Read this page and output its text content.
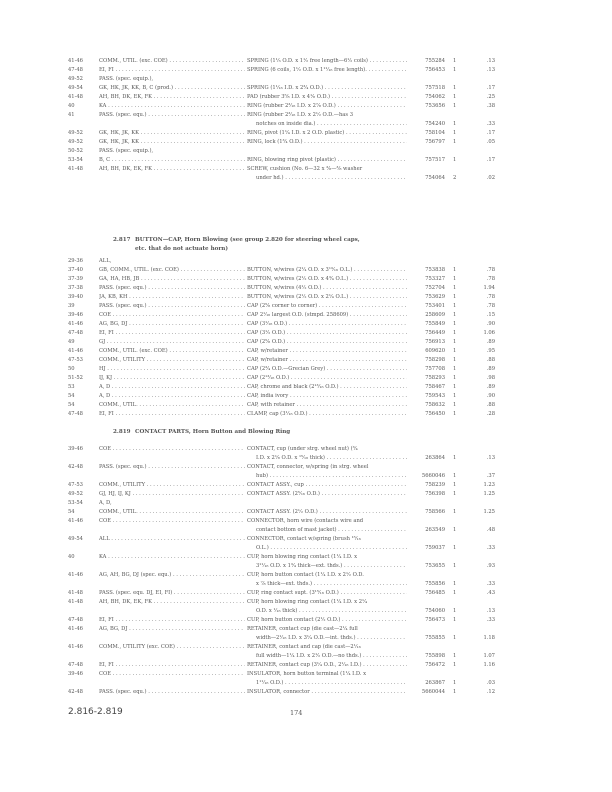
41-46	COMM., UTIL. (exc. COE) . . .	SPRING (1¹⁄₃ O.D. x 1¹⁄₂ free length—6¹⁄₂ coils) . . .	755284 1	.13
47-48	EI, FI . . .	SPRING (6 coils, 1¹⁄₂ O.D. x 1¹¹⁄₁₆ free length). . . .	756453 1	.13
49-52	PASS. (spec. equip.),
49-54	GK, HK, JK, KK, B, C (prod.) . . .	SPRING (1¹⁄₁₆ I.D. x 2³⁄₄ O.D.) . . .	757518 1	.17
41-48	AH, BH, DK, EK, FK . . .	PAD (rubber 3⁵⁄₈ I.D. x 4¹⁄₈ O.D.) . . .	754062 1	.25
40	KA . . .	RING (rubber 2³⁄₁₆ I.D. x 2⁷⁄₈ O.D.) . . .	753656 1	.38
41	PASS. (spec. equ.) . . .	RING (rubber 2³⁄₁₆ I.D. x 2¹⁄₂ O.D.—has 3
notches on inside dia.) . . .	754240 1	.33
49-52	GK, HK, JK, KK . . .	RING, pivot (1¹⁄₄ I.D. x 2 O.D. plastic) . . .	758104 1	.17
49-52	GK, HK, JK, KK . . .	RING, lock (1³⁄₄ O.D.) . . .	756797 1	.05
50-52	PASS. (spec. equip.),
53-54	B, C . . .	RING, blowing ring pivot (plastic) . . .	757517 1	.17
41-48	AH, BH, DK, EK, FK . . .	SCREW, cushion (No. 6—32 x ³⁄₈—³⁄₈ washer
under hd.) . . .	754064 2	.02
2.817 BUTTON—CAP, Horn Blowing (see group 2.820 for steering wheel caps,
etc. that do not actuate horn)
29-36	ALL,
37-40	GB, COMM., UTIL. (exc. COE) . . .	BUTTON, w/wires (2¹⁄₄ O.D. x 3¹³⁄₁₆ O.L.) . . .	753838 1	.78
37-39	GA, HA, HB, JB . . .	BUTTON, w/wires (2¹⁄₂ O.D. x 4³⁄₄ O.L.) . . .	753327 1	.78
37-38	PASS. (spec. equ.) . . .	BUTTON, w/wires (4¹⁄₂ O.D.) . . .	752704 1	1.94
39-40	JA, KB, KH . . .	BUTTON, w/wires (2¹⁄₂ O.D. x 2¹⁄₄ O.L.) . . .	753629 1	.78
39	PASS. (spec. equ.) . . .	CAP (2⁵⁄₈ corner to corner) . . .	753401 1	.78
39-46	COE . . .	CAP 2¹⁄₁₆ largest O.D. (stmpd. 258609) . . .	258609 1	.15
41-46	AG, BG, DJ . . .	CAP (3¹⁄₁₆ O.D.) . . .	755849 1	.90
47-48	EI, FI . . .	CAP (3¹⁄₂ O.D.) . . .	756449 1	1.06
49	GJ . . .	CAP (2⁵⁄₈ O.D.) . . .	756913 1	.89
41-46	COMM., UTIL. (exc. COE) . . .	CAP, w/retainer . . .	609620 1	.95
47-53	COMM., UTILITY . . .	CAP, w/retainer . . .	758298 1	.88
50	HJ . . .	CAP (2³⁄₄ O.D.—Grecian Grey) . . .	757708 1	.89
51-52	IJ, KJ . . .	CAP (2¹³⁄₁₆ O.D.) . . .	758293 1	.98
53	A, D . . .	CAP, chrome and black (2¹³⁄₁₆ O.D.) . . .	758467 1	.89
54	A, D . . .	CAP, india ivory . . .	759543 1	.90
54	COMM., UTIL. . . .	CAP, with retainer . . .	758632 1	.88
47-48	EI, FI . . .	CLAMP, cap (3¹⁄₁₆ O.D.) . . .	756450 1	.28
2.819 CONTACT PARTS, Horn Button and Blowing Ring
39-46	COE . . .	CONTACT, cup (under strg. wheel nut) (³⁄₄
I.D. x 2¹⁄₈ O.D. x ¹⁵⁄₁₆ thick) . . .	263864 1	.13
42-48	PASS. (spec. equ.) . . .	CONTACT, connector, w/spring (in strg. wheel
hub) . . .	5660046 1	.37
47-53	COMM., UTILITY . . .	CONTACT ASSY., cup . . .	758239 1	1.23
49-52	GJ, HJ, IJ, KJ . . .	CONTACT ASSY. (2⁵⁄₁₆ O.D.) . . .	756398 1	1.25
53-54	A, D,
54	COMM., UTIL. . . .	CONTACT ASSY. (2¹⁄₂ O.D.) . . .	758566 1	1.25
41-46	COE . . .	CONNECTOR, horn wire (contacts wire and
contact bottom of mast jacket) . . .	263549 1	.48
49-54	ALL . . .	CONNECTOR, contact w/spring (brush ¹⁵⁄₁₆
O.L.) . . .	759037 1	.33
40	KA . . .	CUP, horn blowing ring contact (1¹⁄₄ I.D. x
3¹¹⁄₁₆ O.D. x 1³⁄₄ thick—ext. thds.) . . .	753655 1	.93
41-46	AG, AH, BG, DJ (spec. equ.) . . .	CUP, horn button contact (1¹⁄₄ I.D. x 2¹⁄₂ O.D.
x ⁷⁄₈ thick—ext. thds.) . . .	755856 1	.33
41-48	PASS. (spec. equ. DJ, EI, FI) . . .	CUP, ring contact supt. (3¹⁵⁄₁₆ O.D.) . . .	756485 1	.43
41-48	AH, BH, DK, EK, FK . . .	CUP, horn blowing ring contact (1¹⁄₄ I.D. x 2¹⁄₄
O.D. x ¹⁄₁₆ thick) . . .	754060 1	.13
47-48	EI, FI . . .	CUP, horn button contact (2¹⁄₂ O.D.) . . .	756473 1	.33
41-46	AG, BG, DJ . . .	RETAINER, contact cup (die cast—2¹⁄₄ full
width—2¹⁄₁₆ I.D. x 3¹⁄₄ O.D.—int. thds.) . . .	755855 1	1.18
41-46	COMM., UTILITY (exc. COE) . . .	RETAINER, contact and cap (die cast—2¹⁄₁₆
full width—1¹⁄₄ I.D. x 2¹⁄₂ O.D.—no thds.) . . .	755898 1	1.07
47-48	EI, FI . . .	RETAINER, contact cup (3¹⁄₄ O.D., 2¹⁄₁₆ I.D.) . . .	756472 1	1.16
39-46	COE . . .	INSULATOR, horn button terminal (1¹⁄₄ I.D. x
1¹¹⁄₁₆ O.D.) . . .	263867 1	.03
42-48	PASS. (spec. equ.) . . .	INSULATOR, connector . . .	5660044 1	.12
2.816-2.819	174
